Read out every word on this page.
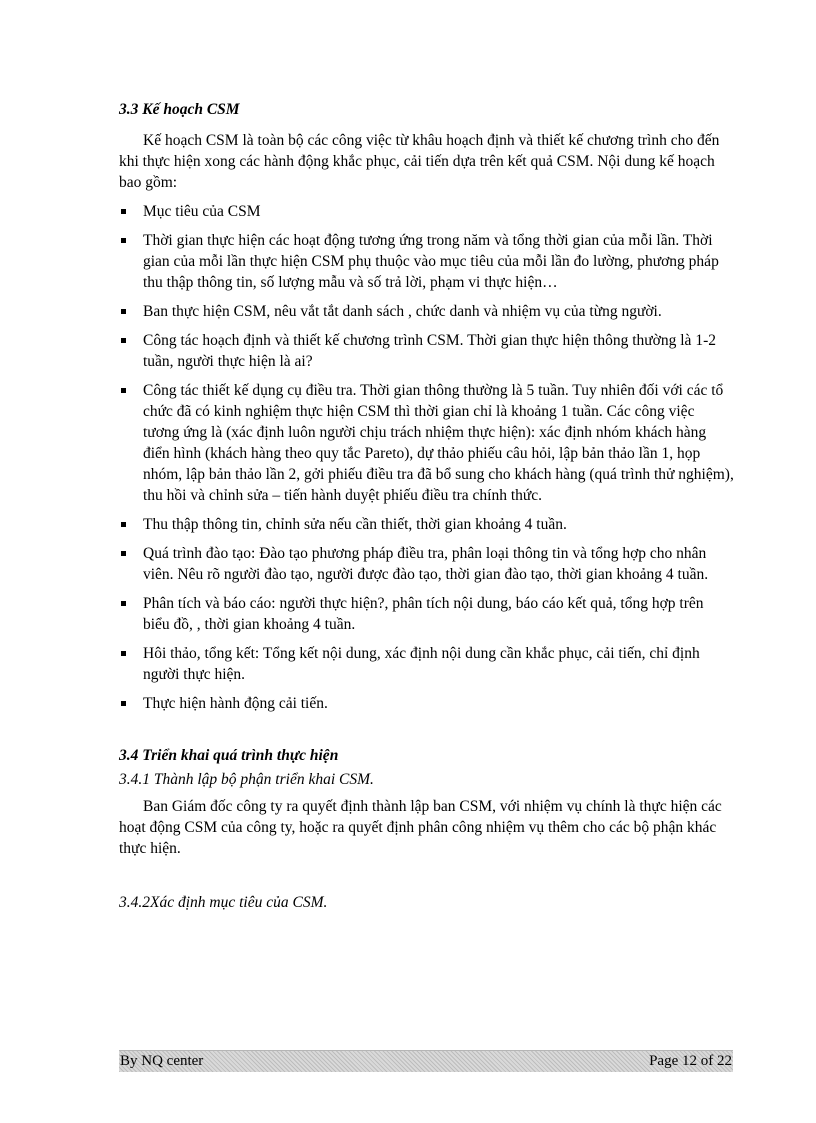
3.3 Kế hoạch CSM

Kế hoạch CSM là toàn bộ các công việc từ khâu hoạch định và thiết kế chương trình cho đến khi thực hiện xong các hành động khắc phục, cải tiến dựa trên kết quả CSM. Nội dung kế hoạch bao gồm:

Mục tiêu của CSM
Thời gian thực hiện các hoạt động tương ứng trong năm và tổng thời gian của mỗi lần. Thời gian của mỗi lần thực hiện CSM phụ thuộc vào mục tiêu của mỗi lần đo lường, phương pháp thu thập thông tin, số lượng mẫu và số trả lời, phạm vi thực hiện…
Ban thực hiện CSM, nêu vắt tắt danh sách , chức danh và nhiệm vụ của từng người.
Công tác hoạch định và thiết kế chương trình CSM. Thời gian thực hiện thông thường là 1-2 tuần, người thực hiện là ai?
Công tác thiết kế dụng cụ điều tra. Thời gian thông thường là 5 tuần. Tuy nhiên đối với các tổ chức đã có kinh nghiệm thực hiện CSM thì thời gian chỉ là khoảng 1 tuần. Các công việc tương ứng là (xác định luôn người chịu trách nhiệm thực hiện): xác định nhóm khách hàng điển hình (khách hàng theo quy tắc Pareto), dự thảo phiếu câu hỏi, lập bản thảo lần 1, họp nhóm, lập bản thảo lần 2, gởi phiếu điều tra đã bổ sung cho khách hàng (quá trình thử nghiệm), thu hồi và chỉnh sửa – tiến hành duyệt phiếu điều tra chính thức.
Thu thập thông tin, chỉnh sửa nếu cần thiết, thời gian khoảng 4 tuần.
Quá trình đào tạo: Đào tạo phương pháp điều tra, phân loại thông tin và tổng hợp cho nhân viên. Nêu rõ người đào tạo, người được đào tạo, thời gian đào tạo, thời gian khoảng 4 tuần.
Phân tích và báo cáo: người thực hiện?, phân tích nội dung, báo cáo kết quả, tổng hợp trên biểu đồ, , thời gian khoảng 4 tuần.
Hôi thảo, tổng kết: Tổng kết nội dung, xác định nội dung cần khắc phục, cải tiến, chỉ định người thực hiện.
Thực hiện hành động cải tiến.
3.4 Triển khai quá trình thực hiện
3.4.1 Thành lập bộ phận triển khai CSM.

Ban Giám đốc công ty ra quyết định thành lập ban CSM, với nhiệm vụ chính là thực hiện các hoạt động CSM của công ty, hoặc ra quyết định phân công nhiệm vụ thêm cho các bộ phận khác thực hiện.

3.4.2Xác định mục tiêu của CSM.
By NQ center	Page 12 of 22
